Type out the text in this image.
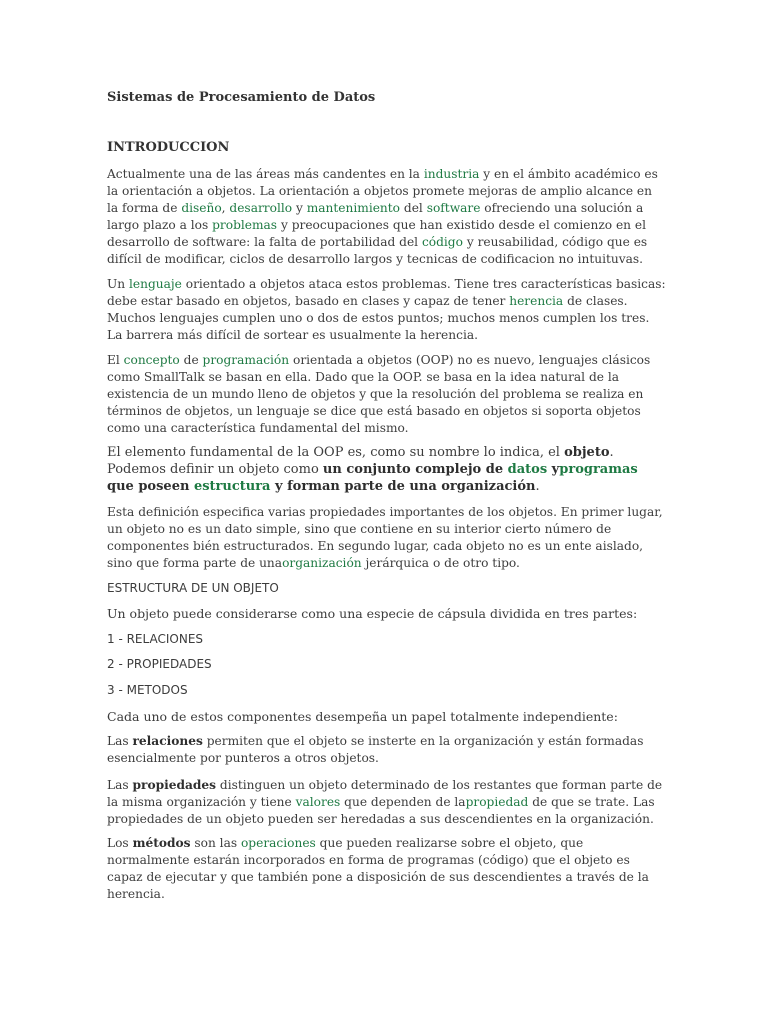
Sistemas de Procesamiento de Datos
INTRODUCCION

Actualmente una de las áreas más candentes en la industria y en el ámbito académico es la orientación a objetos. La orientación a objetos promete mejoras de amplio alcance en la forma de diseño, desarrollo y mantenimiento del software ofreciendo una solución a largo plazo a los problemas y preocupaciones que han existido desde el comienzo en el desarrollo de software: la falta de portabilidad del código y reusabilidad, código que es difícil de modificar, ciclos de desarrollo largos y tecnicas de codificacion no intuituvas.

Un lenguaje orientado a objetos ataca estos problemas. Tiene tres características basicas: debe estar basado en objetos, basado en clases y capaz de tener herencia de clases. Muchos lenguajes cumplen uno o dos de estos puntos; muchos menos cumplen los tres. La barrera más difícil de sortear es usualmente la herencia.

El concepto de programación orientada a objetos (OOP) no es nuevo, lenguajes clásicos como SmallTalk se basan en ella. Dado que la OOP. se basa en la idea natural de la existencia de un mundo lleno de objetos y que la resolución del problema se realiza en términos de objetos, un lenguaje se dice que está basado en objetos si soporta objetos como una característica fundamental del mismo.

El elemento fundamental de la OOP es, como su nombre lo indica, el objeto. Podemos definir un objeto como un conjunto complejo de datos yprogramas que poseen estructura y forman parte de una organización.

Esta definición especifica varias propiedades importantes de los objetos. En primer lugar, un objeto no es un dato simple, sino que contiene en su interior cierto número de componentes bién estructurados. En segundo lugar, cada objeto no es un ente aislado, sino que forma parte de unaorganización jerárquica o de otro tipo.

ESTRUCTURA DE UN OBJETO
Un objeto puede considerarse como una especie de cápsula dividida en tres partes:
1 - RELACIONES
2 - PROPIEDADES
3 - METODOS
Cada uno de estos componentes desempeña un papel totalmente independiente:

Las relaciones permiten que el objeto se insterte en la organización y están formadas esencialmente por punteros a otros objetos.

Las propiedades distinguen un objeto determinado de los restantes que forman parte de la misma organización y tiene valores que dependen de lapropiedad de que se trate. Las propiedades de un objeto pueden ser heredadas a sus descendientes en la organización.

Los métodos son las operaciones que pueden realizarse sobre el objeto, que normalmente estarán incorporados en forma de programas (código) que el objeto es capaz de ejecutar y que también pone a disposición de sus descendientes a través de la herencia.
